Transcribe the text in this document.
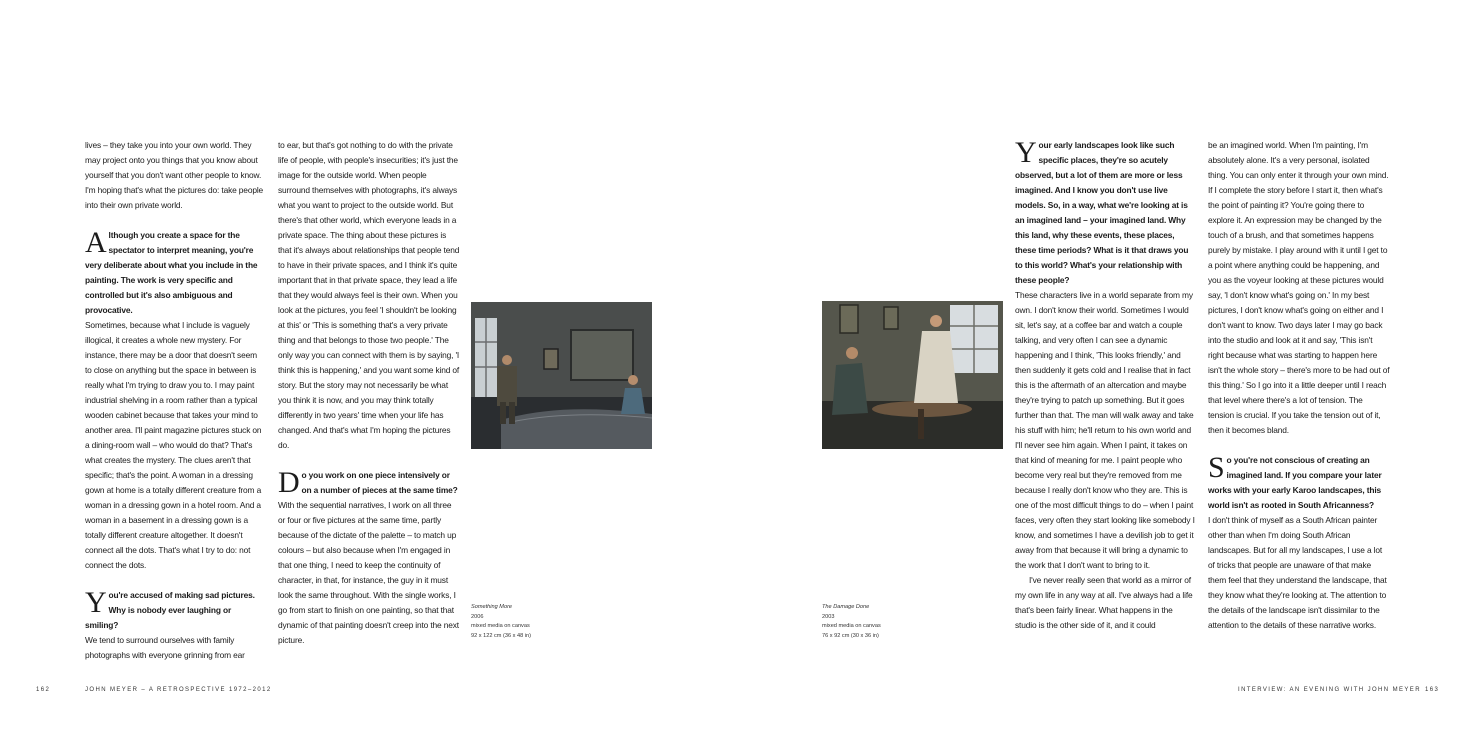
lives – they take you into your own world. They may project onto you things that you know about yourself that you don't want other people to know. I'm hoping that's what the pictures do: take people into their own private world.

Although you create a space for the spectator to interpret meaning, you're very deliberate about what you include in the painting. The work is very specific and controlled but it's also ambiguous and provocative.

Sometimes, because what I include is vaguely illogical, it creates a whole new mystery. For instance, there may be a door that doesn't seem to close on anything but the space in between is really what I'm trying to draw you to. I may paint industrial shelving in a room rather than a typical wooden cabinet because that takes your mind to another area. I'll paint magazine pictures stuck on a dining-room wall – who would do that? That's what creates the mystery. The clues aren't that specific; that's the point. A woman in a dressing gown at home is a totally different creature from a woman in a dressing gown in a hotel room. And a woman in a basement in a dressing gown is a totally different creature altogether. It doesn't connect all the dots. That's what I try to do: not connect the dots.

You're accused of making sad pictures. Why is nobody ever laughing or smiling?

We tend to surround ourselves with family photographs with everyone grinning from ear

to ear, but that's got nothing to do with the private life of people, with people's insecurities; it's just the image for the outside world. When people surround themselves with photographs, it's always what you want to project to the outside world. But there's that other world, which everyone leads in a private space. The thing about these pictures is that it's always about relationships that people tend to have in their private spaces, and I think it's quite important that in that private space, they lead a life that they would always feel is their own. When you look at the pictures, you feel 'I shouldn't be looking at this' or 'This is something that's a very private thing and that belongs to those two people.' The only way you can connect with them is by saying, 'I think this is happening,' and you want some kind of story. But the story may not necessarily be what you think it is now, and you may think totally differently in two years' time when your life has changed. And that's what I'm hoping the pictures do.

Do you work on one piece intensively or on a number of pieces at the same time?

With the sequential narratives, I work on all three or four or five pictures at the same time, partly because of the dictate of the palette – to match up colours – but also because when I'm engaged in that one thing, I need to keep the continuity of character, in that, for instance, the guy in it must look the same throughout. With the single works, I go from start to finish on one painting, so that that dynamic of that painting doesn't creep into the next picture.

Something More
2006
mixed media on canvas
92 x 122 cm (36 x 48 in)
The Damage Done
2003
mixed media on canvas
76 x 92 cm (30 x 36 in)

Your early landscapes look like such specific places, they're so acutely observed, but a lot of them are more or less imagined. And I know you don't use live models. So, in a way, what we're looking at is an imagined land – your imagined land. Why this land, why these events, these places, these time periods? What is it that draws you to this world? What's your relationship with these people?

These characters live in a world separate from my own. I don't know their world. Sometimes I would sit, let's say, at a coffee bar and watch a couple talking, and very often I can see a dynamic happening and I think, 'This looks friendly,' and then suddenly it gets cold and I realise that in fact this is the aftermath of an altercation and maybe they're trying to patch up something. But it goes further than that. The man will walk away and take his stuff with him; he'll return to his own world and I'll never see him again. When I paint, it takes on that kind of meaning for me. I paint people who become very real but they're removed from me because I really don't know who they are. This is one of the most difficult things to do – when I paint faces, very often they start looking like somebody I know, and sometimes I have a devilish job to get it away from that because it will bring a dynamic to the work that I don't want to bring to it.

I've never really seen that world as a mirror of my own life in any way at all. I've always had a life that's been fairly linear. What happens in the studio is the other side of it, and it could

be an imagined world. When I'm painting, I'm absolutely alone. It's a very personal, isolated thing. You can only enter it through your own mind. If I complete the story before I start it, then what's the point of painting it? You're going there to explore it. An expression may be changed by the touch of a brush, and that sometimes happens purely by mistake. I play around with it until I get to a point where anything could be happening, and you as the voyeur looking at these pictures would say, 'I don't know what's going on.' In my best pictures, I don't know what's going on either and I don't want to know. Two days later I may go back into the studio and look at it and say, 'This isn't right because what was starting to happen here isn't the whole story – there's more to be had out of this thing.' So I go into it a little deeper until I reach that level where there's a lot of tension. The tension is crucial. If you take the tension out of it, then it becomes bland.

So you're not conscious of creating an imagined land. If you compare your later works with your early Karoo landscapes, this world isn't as rooted in South Africanness?

I don't think of myself as a South African painter other than when I'm doing South African landscapes. But for all my landscapes, I use a lot of tricks that people are unaware of that make them feel that they understand the landscape, that they know what they're looking at. The attention to the details of the landscape isn't dissimilar to the attention to the details of these narrative works.

162	JOHN MEYER – A RETROSPECTIVE 1972–2012	INTERVIEW: AN EVENING WITH JOHN MEYER 163
